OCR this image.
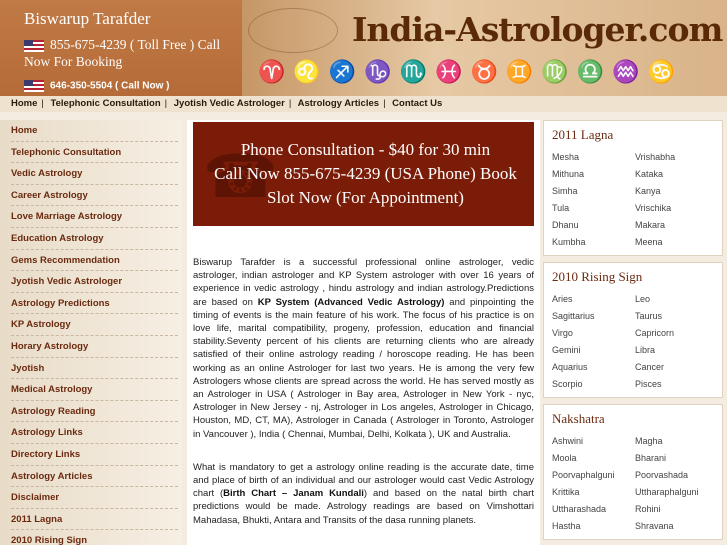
Biswarup Tarafder
855-675-4239 ( Toll Free ) Call Now For Booking
646-350-5504 ( Call Now )
India-Astrologer.com
♈ ♌ ♐ ♑ ♏ ♓ ♉ ♊ ♍ ♎ ♒ ♋
Home | Telephonic Consultation | Jyotish Vedic Astrologer | Astrology Articles | Contact Us
Home
Telephonic Consultation
Vedic Astrology
Career Astrology
Love Marriage Astrology
Education Astrology
Gems Recommendation
Jyotish Vedic Astrologer
Astrology Predictions
KP Astrology
Horary Astrology
Jyotish
Medical Astrology
Astrology Reading
Astrology Links
Directory Links
Astrology Articles
Disclaimer
2011 Lagna
2010 Rising Sign
☎
Phone Consultation - $40 for 30 min
Call Now 855-675-4239 (USA Phone) Book
Slot Now (For Appointment)

Biswarup Tarafder is a successful professional online astrologer, vedic astrologer, indian astrologer and KP System astrologer with over 16 years of experience in vedic astrology , hindu astrology and indian astrology.Predictions are based on KP System (Advanced Vedic Astrology) and pinpointing the timing of events is the main feature of his work. The focus of his practice is on love life, marital compatibility, progeny, profession, education and financial stability.Seventy percent of his clients are returning clients who are already satisfied of their online astrology reading / horoscope reading. He has been working as an online Astrologer for last two years. He is among the very few Astrologers whose clients are spread across the world. He has served mostly as an Astrologer in USA ( Astrologer in Bay area, Astrologer in New York - nyc, Astrologer in New Jersey - nj, Astrologer in Los angeles, Astrologer in Chicago, Houston, MD, CT, MA), Astrologer in Canada ( Astrologer in Toronto, Astrologer in Vancouver ), India ( Chennai, Mumbai, Delhi, Kolkata ), UK and Australia.

What is mandatory to get a astrology online reading is the accurate date, time and place of birth of an individual and our astrologer would cast Vedic Astrology chart (Birth Chart – Janam Kundali) and based on the natal birth chart predictions would be made. Astrology readings are based on Vimshottari Mahadasa, Bhukti, Antara and Transits of the dasa running planets.

2011 Lagna
Mesha	Vrishabha
Mithuna	Kataka
Simha	Kanya
Tula	Vrischika
Dhanu	Makara
Kumbha	Meena
2010 Rising Sign
Aries	Leo
Sagittarius	Taurus
Virgo	Capricorn
Gemini	Libra
Aquarius	Cancer
Scorpio	Pisces
Nakshatra
Ashwini	Magha
Moola	Bharani
Poorvaphalguni	Poorvashada
Krittika	Uttharaphalguni
Uttharashada	Rohini
Hastha	Shravana
